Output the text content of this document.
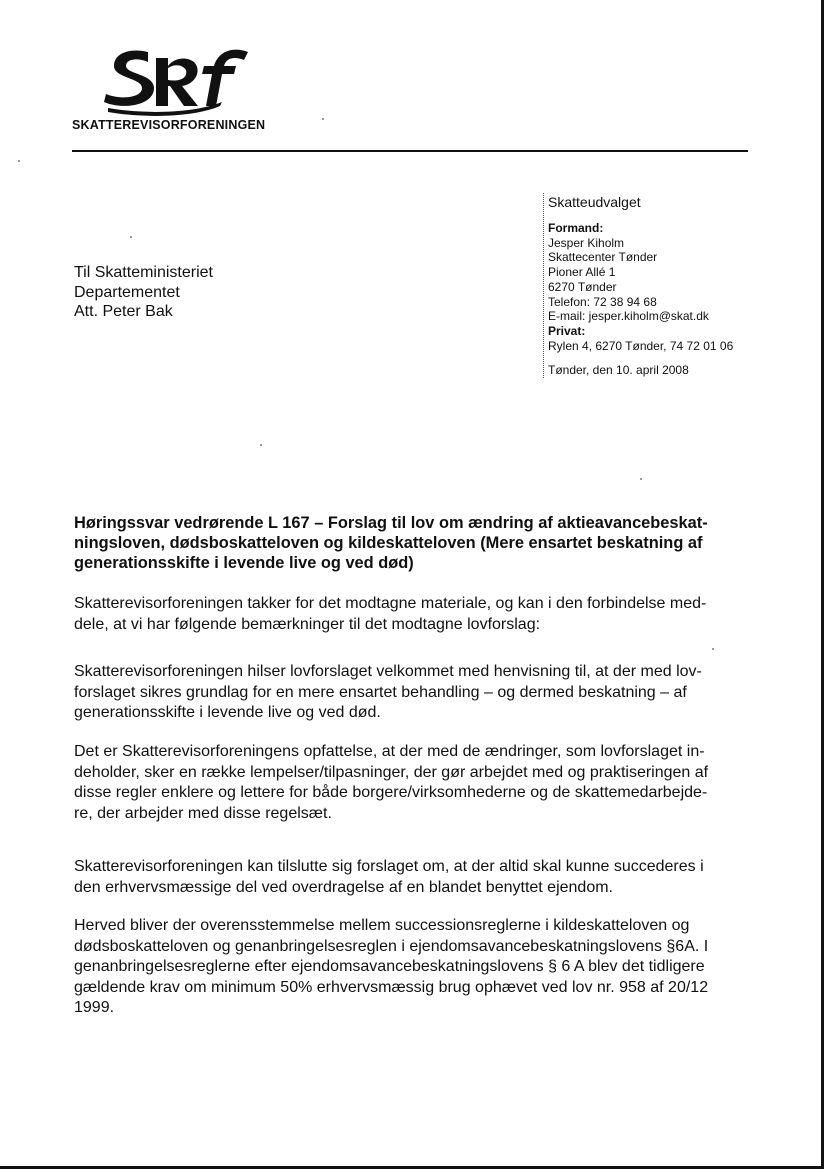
SKATTEREVISORFORENINGEN
Til Skatteministeriet
Departementet
Att. Peter Bak
Skatteudvalget
Formand:
Jesper Kiholm
Skattecenter Tønder
Pioner Allé 1
6270 Tønder
Telefon: 72 38 94 68
E-mail: jesper.kiholm@skat.dk
Privat:
Rylen 4, 6270 Tønder, 74 72 01 06
Tønder, den 10. april 2008
Høringssvar vedrørende L 167 – Forslag til lov om ændring af aktieavancebeskat-
ningsloven, dødsboskatteloven og kildeskatteloven (Mere ensartet beskatning af
generationsskifte i levende live og ved død)
Skatterevisorforeningen takker for det modtagne materiale, og kan i den forbindelse med-
dele, at vi har følgende bemærkninger til det modtagne lovforslag:
Skatterevisorforeningen hilser lovforslaget velkommet med henvisning til, at der med lov-
forslaget sikres grundlag for en mere ensartet behandling – og dermed beskatning – af
generationsskifte i levende live og ved død.
Det er Skatterevisorforeningens opfattelse, at der med de ændringer, som lovforslaget in-
deholder, sker en række lempelser/tilpasninger, der gør arbejdet med og praktiseringen af
disse regler enklere og lettere for både borgere/virksomhederne og de skattemedarbejde-
re, der arbejder med disse regelsæt.
Skatterevisorforeningen kan tilslutte sig forslaget om, at der altid skal kunne succederes i
den erhvervsmæssige del ved overdragelse af en blandet benyttet ejendom.
Herved bliver der overensstemmelse mellem successionsreglerne i kildeskatteloven og
dødsboskatteloven og genanbringelsesreglen i ejendomsavancebeskatningslovens §6A. I
genanbringelsesreglerne efter ejendomsavancebeskatningslovens § 6 A blev det tidligere
gældende krav om minimum 50% erhvervsmæssig brug ophævet ved lov nr. 958 af 20/12
1999.
